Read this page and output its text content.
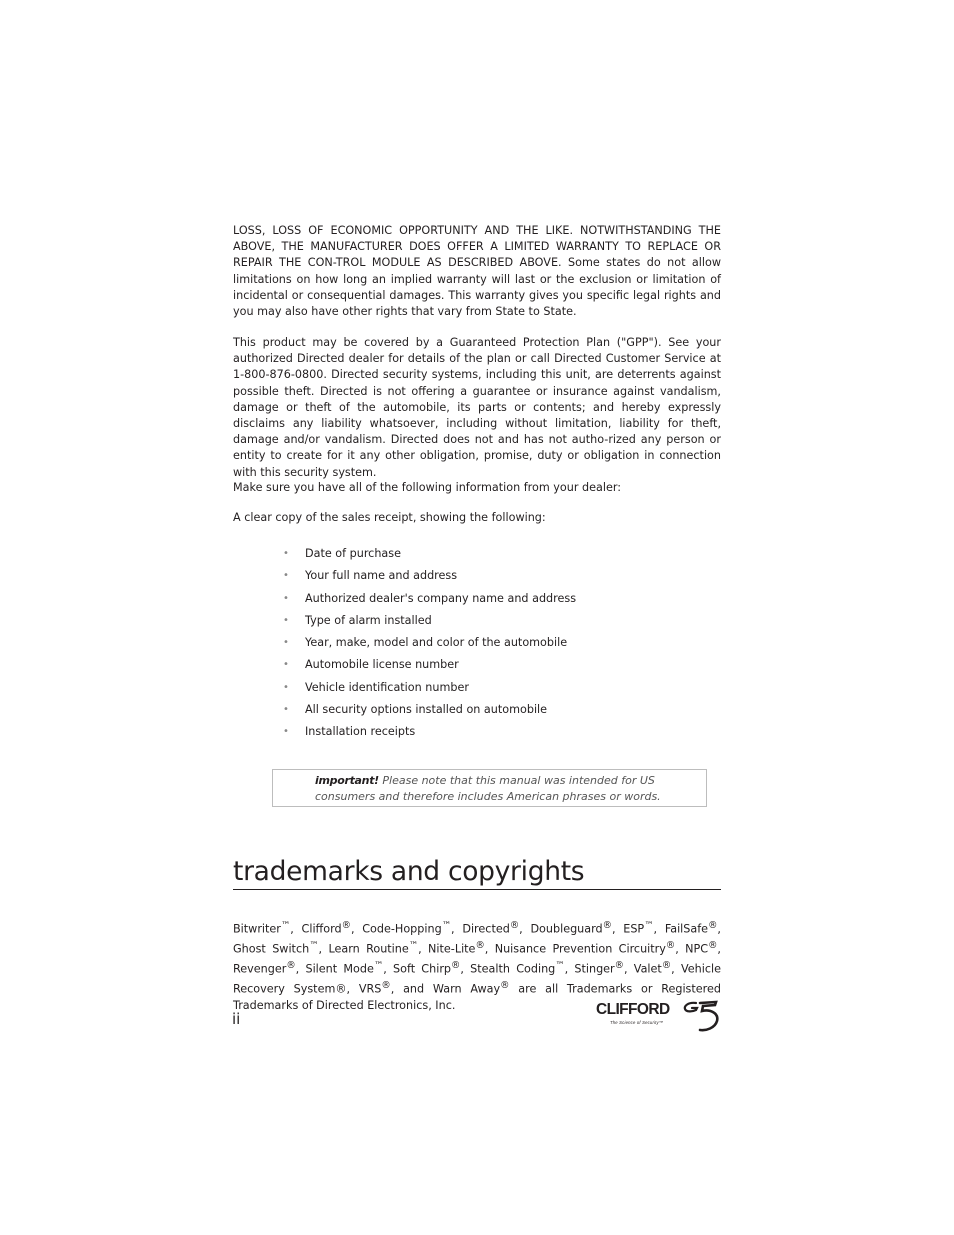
LOSS, LOSS OF ECONOMIC OPPORTUNITY AND THE LIKE. NOTWITHSTANDING THE ABOVE, THE MANUFACTURER DOES OFFER A LIMITED WARRANTY TO REPLACE OR REPAIR THE CON-TROL MODULE AS DESCRIBED ABOVE. Some states do not allow limitations on how long an implied warranty will last or the exclusion or limitation of incidental or consequential damages. This warranty gives you specific legal rights and you may also have other rights that vary from State to State.

This product may be covered by a Guaranteed Protection Plan ("GPP"). See your authorized Directed dealer for details of the plan or call Directed Customer Service at 1-800-876-0800. Directed security systems, including this unit, are deterrents against possible theft. Directed is not offering a guarantee or insurance against vandalism, damage or theft of the automobile, its parts or contents; and hereby expressly disclaims any liability whatsoever, including without limitation, liability for theft, damage and/or vandalism. Directed does not and has not autho-rized any person or entity to create for it any other obligation, promise, duty or obligation in connection with this security system.

Make sure you have all of the following information from your dealer:

A clear copy of the sales receipt, showing the following:

• Date of purchase
• Your full name and address
• Authorized dealer's company name and address
• Type of alarm installed
• Year, make, model and color of the automobile
• Automobile license number
• Vehicle identification number
• All security options installed on automobile
• Installation receipts
important! Please note that this manual was intended for US consumers and therefore includes American phrases or words.
trademarks and copyrights

Bitwriter™, Clifford®, Code-Hopping™, Directed®, Doubleguard®, ESP™, FailSafe®, Ghost Switch™, Learn Routine™, Nite-Lite®, Nuisance Prevention Circuitry®, NPC®, Revenger®, Silent Mode™, Soft Chirp®, Stealth Coding™, Stinger®, Valet®, Vehicle Recovery System®, VRS®, and Warn Away® are all Trademarks or Registered Trademarks of Directed Electronics, Inc.

ii
CLIFFORD
The Science of Security™
